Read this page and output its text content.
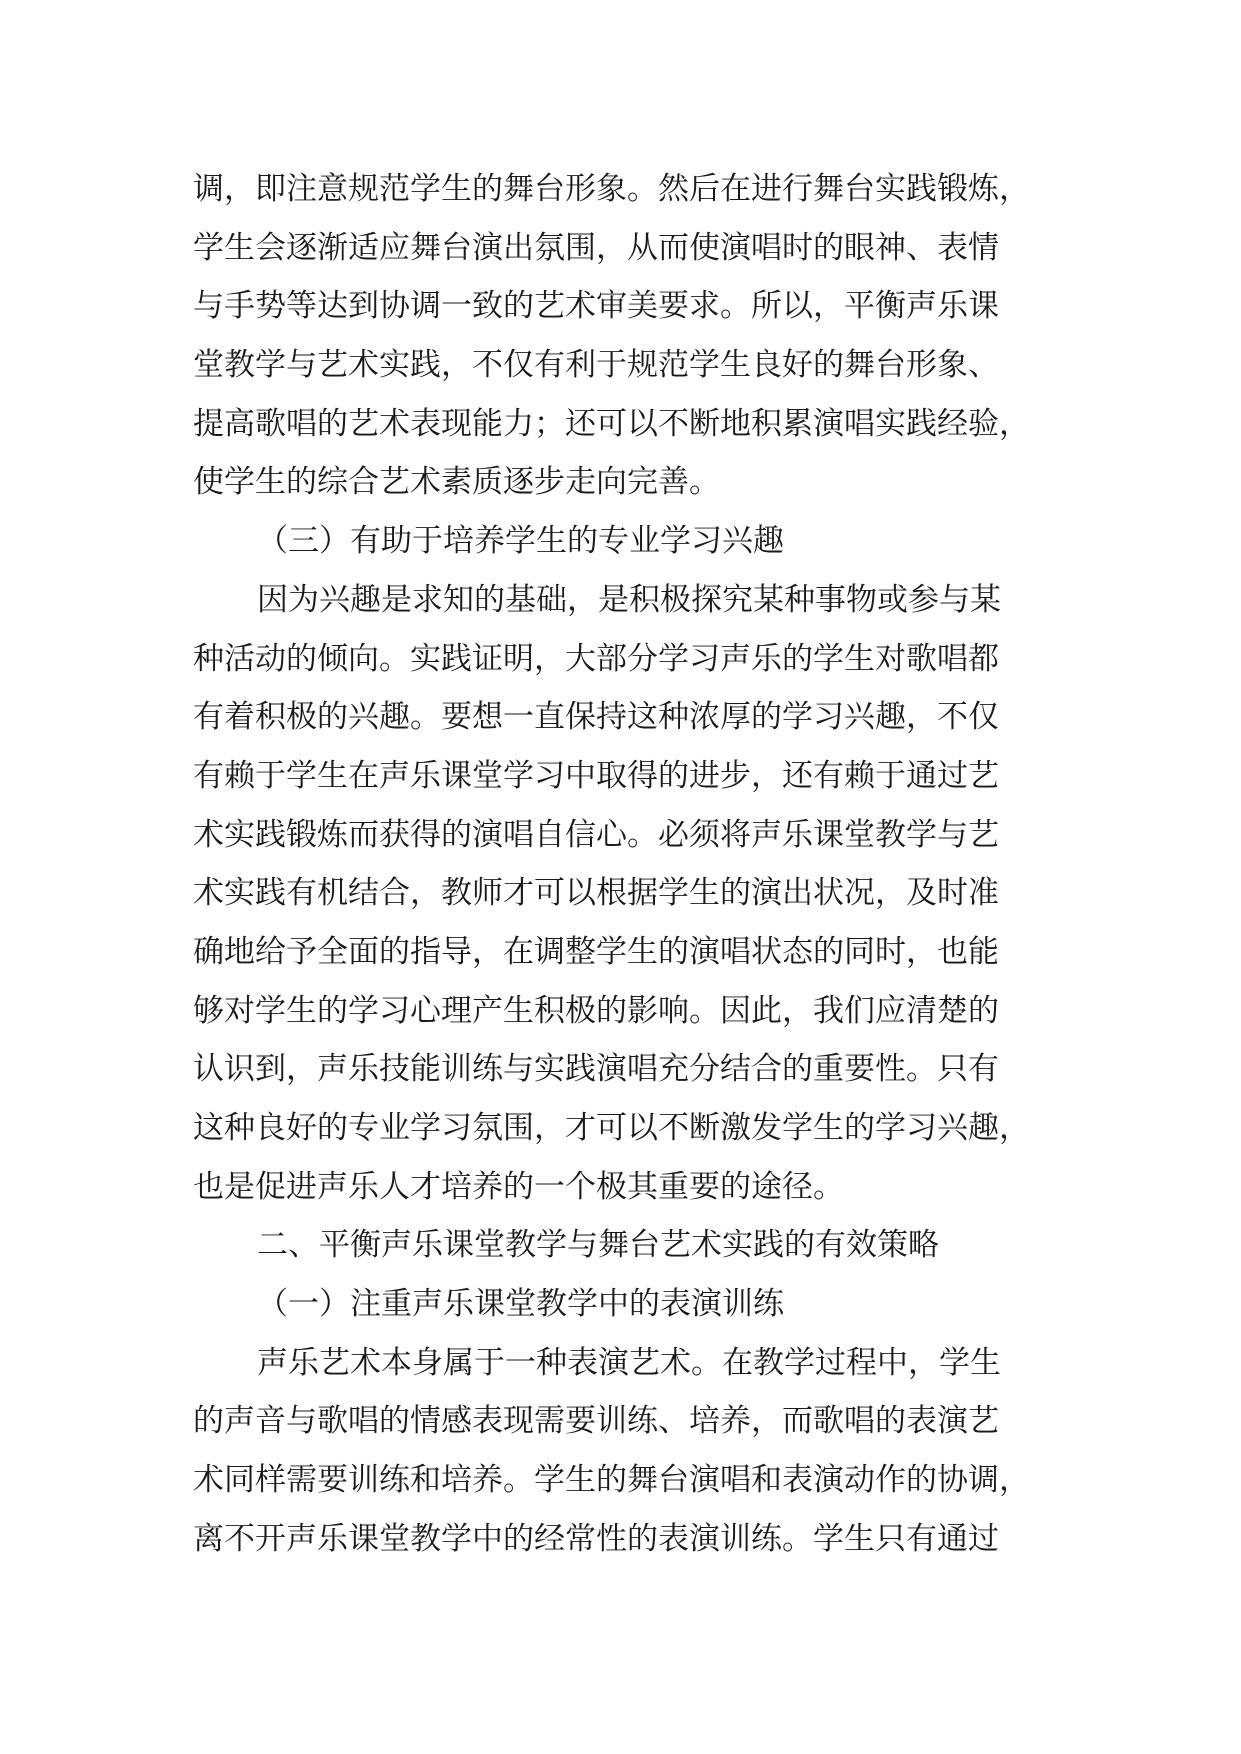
调，即注意规范学生的舞台形象。然后在进行舞台实践锻炼，
学生会逐渐适应舞台演出氛围，从而使演唱时的眼神、表情
与手势等达到协调一致的艺术审美要求。所以，平衡声乐课
堂教学与艺术实践，不仅有利于规范学生良好的舞台形象、
提高歌唱的艺术表现能力；还可以不断地积累演唱实践经验，
使学生的综合艺术素质逐步走向完善。
（三）有助于培养学生的专业学习兴趣
因为兴趣是求知的基础，是积极探究某种事物或参与某
种活动的倾向。实践证明，大部分学习声乐的学生对歌唱都
有着积极的兴趣。要想一直保持这种浓厚的学习兴趣，不仅
有赖于学生在声乐课堂学习中取得的进步，还有赖于通过艺
术实践锻炼而获得的演唱自信心。必须将声乐课堂教学与艺
术实践有机结合，教师才可以根据学生的演出状况，及时准
确地给予全面的指导，在调整学生的演唱状态的同时，也能
够对学生的学习心理产生积极的影响。因此，我们应清楚的
认识到，声乐技能训练与实践演唱充分结合的重要性。只有
这种良好的专业学习氛围，才可以不断激发学生的学习兴趣，
也是促进声乐人才培养的一个极其重要的途径。
二、平衡声乐课堂教学与舞台艺术实践的有效策略
（一）注重声乐课堂教学中的表演训练
声乐艺术本身属于一种表演艺术。在教学过程中，学生
的声音与歌唱的情感表现需要训练、培养，而歌唱的表演艺
术同样需要训练和培养。学生的舞台演唱和表演动作的协调，
离不开声乐课堂教学中的经常性的表演训练。学生只有通过
